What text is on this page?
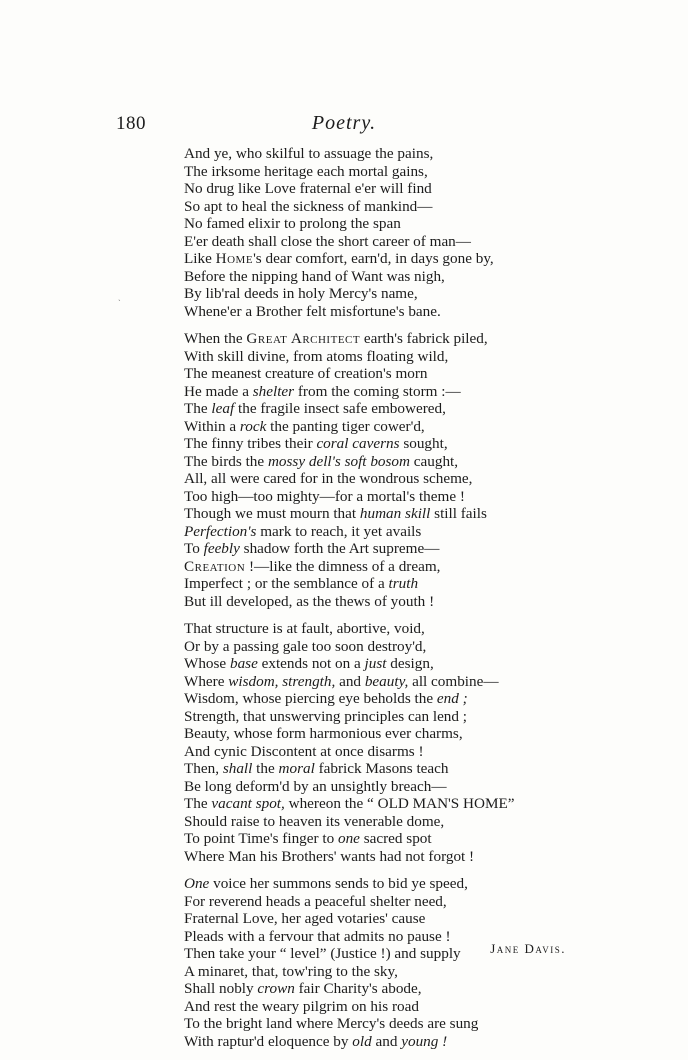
180	Poetry.
ˎ
And ye, who skilful to assuage the pains,
The irksome heritage each mortal gains,
No drug like Love fraternal e'er will find
So apt to heal the sickness of mankind—
No famed elixir to prolong the span
E'er death shall close the short career of man—
Like Home's dear comfort, earn'd, in days gone by,
Before the nipping hand of Want was nigh,
By lib'ral deeds in holy Mercy's name,
Whene'er a Brother felt misfortune's bane.
When the Great Architect earth's fabrick piled,
With skill divine, from atoms floating wild,
The meanest creature of creation's morn
He made a shelter from the coming storm :—
The leaf the fragile insect safe embowered,
Within a rock the panting tiger cower'd,
The finny tribes their coral caverns sought,
The birds the mossy dell's soft bosom caught,
All, all were cared for in the wondrous scheme,
Too high—too mighty—for a mortal's theme !
Though we must mourn that human skill still fails
Perfection's mark to reach, it yet avails
To feebly shadow forth the Art supreme—
Creation !—like the dimness of a dream,
Imperfect ; or the semblance of a truth
But ill developed, as the thews of youth !
That structure is at fault, abortive, void,
Or by a passing gale too soon destroy'd,
Whose base extends not on a just design,
Where wisdom, strength, and beauty, all combine—
Wisdom, whose piercing eye beholds the end ;
Strength, that unswerving principles can lend ;
Beauty, whose form harmonious ever charms,
And cynic Discontent at once disarms !
Then, shall the moral fabrick Masons teach
Be long deform'd by an unsightly breach—
The vacant spot, whereon the “ OLD MAN'S HOME”
Should raise to heaven its venerable dome,
To point Time's finger to one sacred spot
Where Man his Brothers' wants had not forgot !
One voice her summons sends to bid ye speed,
For reverend heads a peaceful shelter need,
Fraternal Love, her aged votaries' cause
Pleads with a fervour that admits no pause !
Then take your “ level” (Justice !) and supply
A minaret, that, tow'ring to the sky,
Shall nobly crown fair Charity's abode,
And rest the weary pilgrim on his road
To the bright land where Mercy's deeds are sung
With raptur'd eloquence by old and young !
Jane Davis.
